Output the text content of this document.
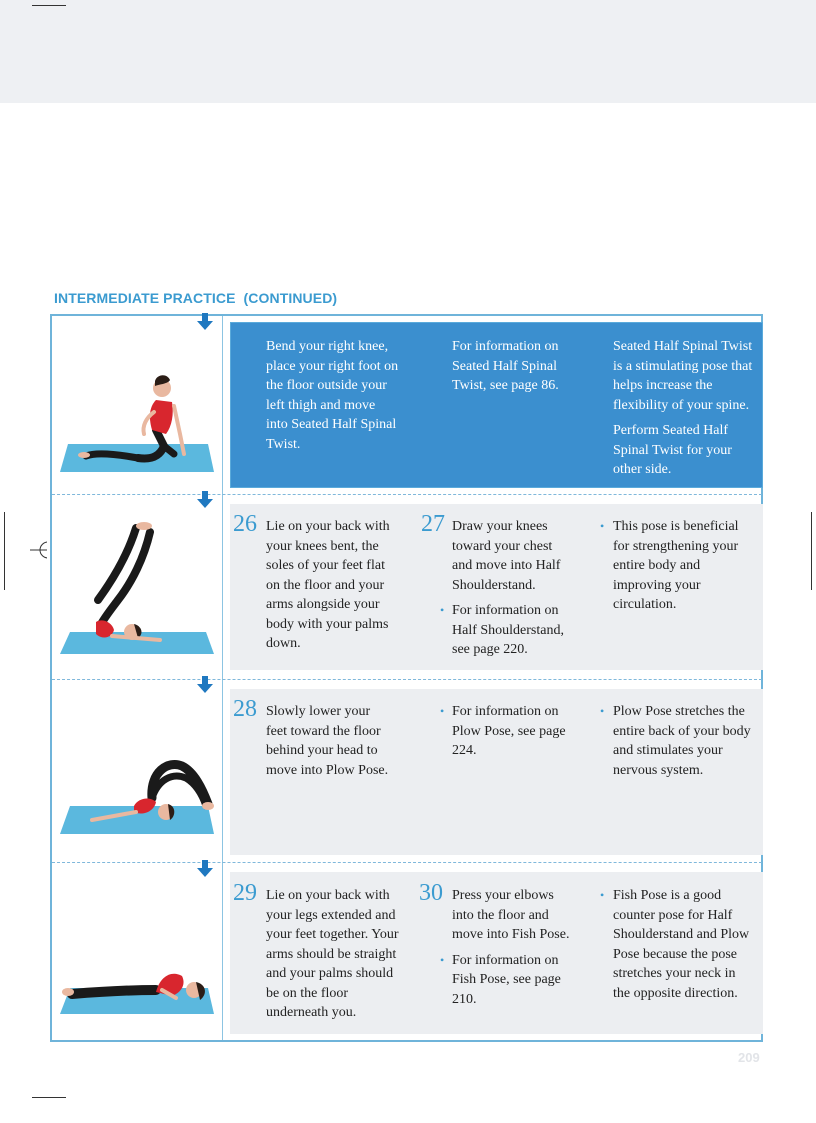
INTERMEDIATE PRACTICE (CONTINUED)

Bend your right knee, place your right foot on the floor outside your left thigh and move into Seated Half Spinal Twist.

For information on Seated Half Spinal Twist, see page 86.

Seated Half Spinal Twist is a stimulating pose that helps increase the flexibility of your spine.

Perform Seated Half Spinal Twist for your other side.

26 Lie on your back with your knees bent, the soles of your feet flat on the floor and your arms alongside your body with your palms down.

27 Draw your knees toward your chest and move into Half Shoulderstand.

For information on Half Shoulderstand, see page 220.

•
• This pose is beneficial for strengthening your entire body and improving your circulation.

28 Slowly lower your feet toward the floor behind your head to move into Plow Pose.

• For information on Plow Pose, see page 224.

• Plow Pose stretches the entire back of your body and stimulates your nervous system.

29 Lie on your back with your legs extended and your feet together. Your arms should be straight and your palms should be on the floor underneath you.

30 Press your elbows into the floor and move into Fish Pose.

For information on Fish Pose, see page 210.

•
• Fish Pose is a good counter pose for Half Shoulderstand and Plow Pose because the pose stretches your neck in the opposite direction.

209
